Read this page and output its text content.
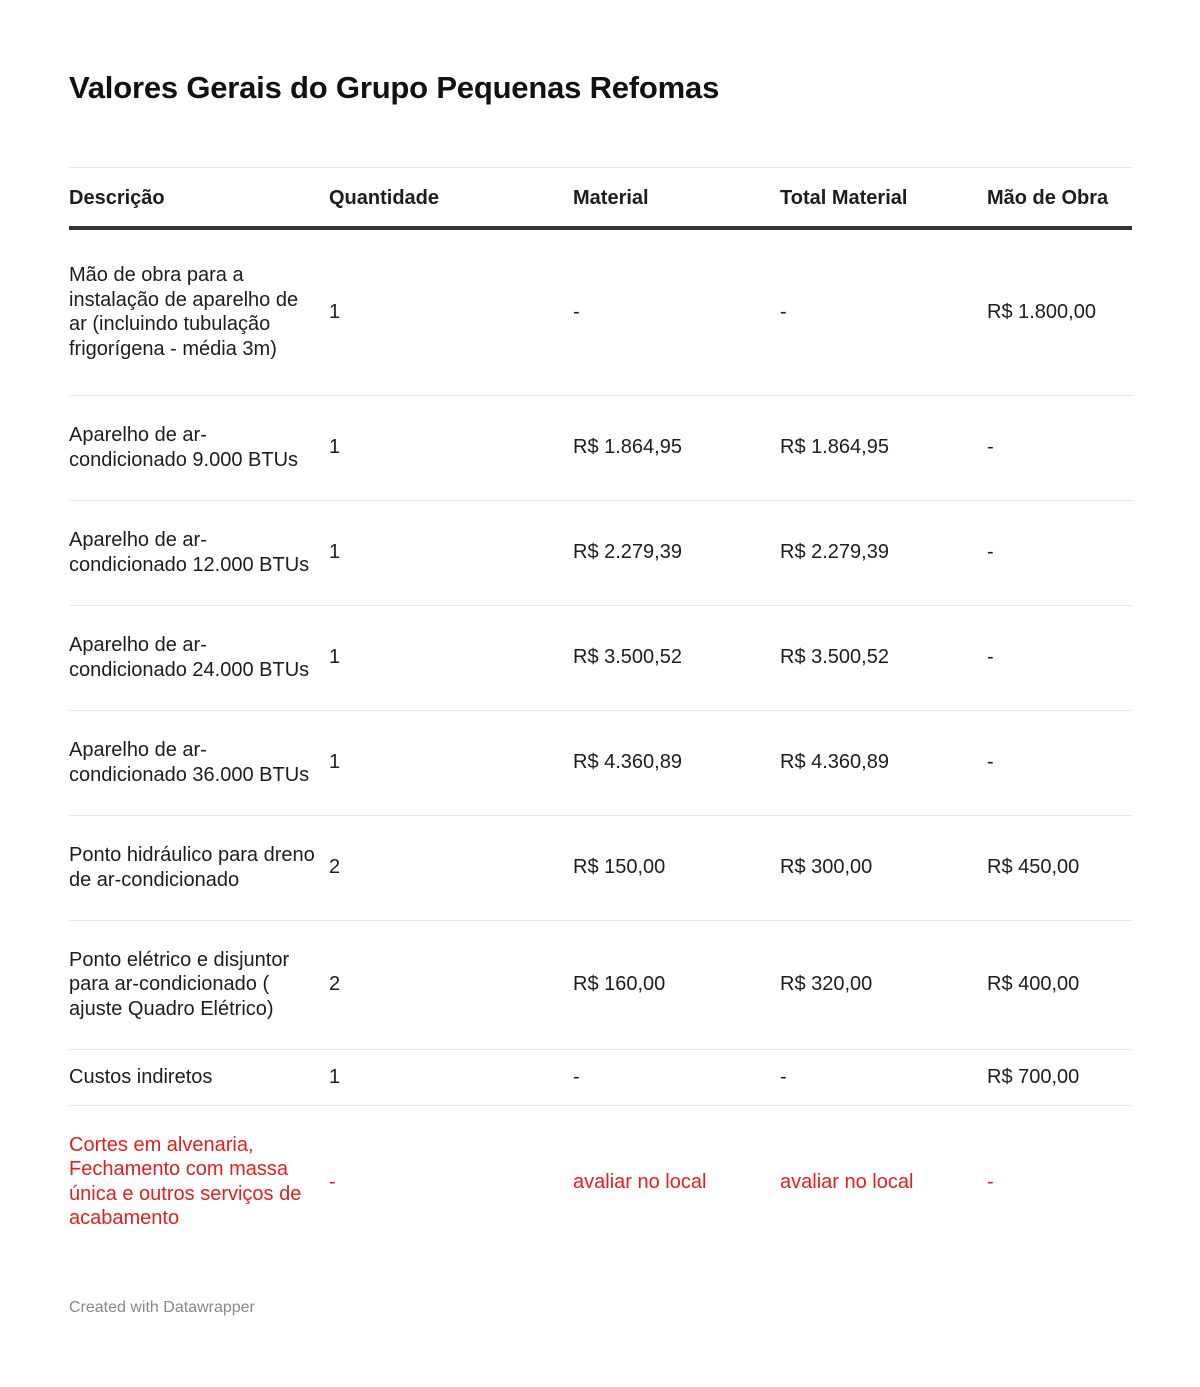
Valores Gerais do Grupo Pequenas Refomas
Descrição	Quantidade	Material	Total Material	Mão de Obra
Mão de obra para a instalação de aparelho de ar (incluindo tubulação frigorígena - média 3m)	1	-	-	R$ 1.800,00
Aparelho de ar-condicionado 9.000 BTUs	1	R$ 1.864,95	R$ 1.864,95	-
Aparelho de ar-condicionado 12.000 BTUs	1	R$ 2.279,39	R$ 2.279,39	-
Aparelho de ar-condicionado 24.000 BTUs	1	R$ 3.500,52	R$ 3.500,52	-
Aparelho de ar-condicionado 36.000 BTUs	1	R$ 4.360,89	R$ 4.360,89	-
Ponto hidráulico para dreno de ar-condicionado	2	R$ 150,00	R$ 300,00	R$ 450,00
Ponto elétrico e disjuntor para ar-condicionado ( ajuste Quadro Elétrico)	2	R$ 160,00	R$ 320,00	R$ 400,00
Custos indiretos	1	-	-	R$ 700,00
Cortes em alvenaria, Fechamento com massa única e outros serviços de acabamento	-	avaliar no local	avaliar no local	-
Created with Datawrapper
